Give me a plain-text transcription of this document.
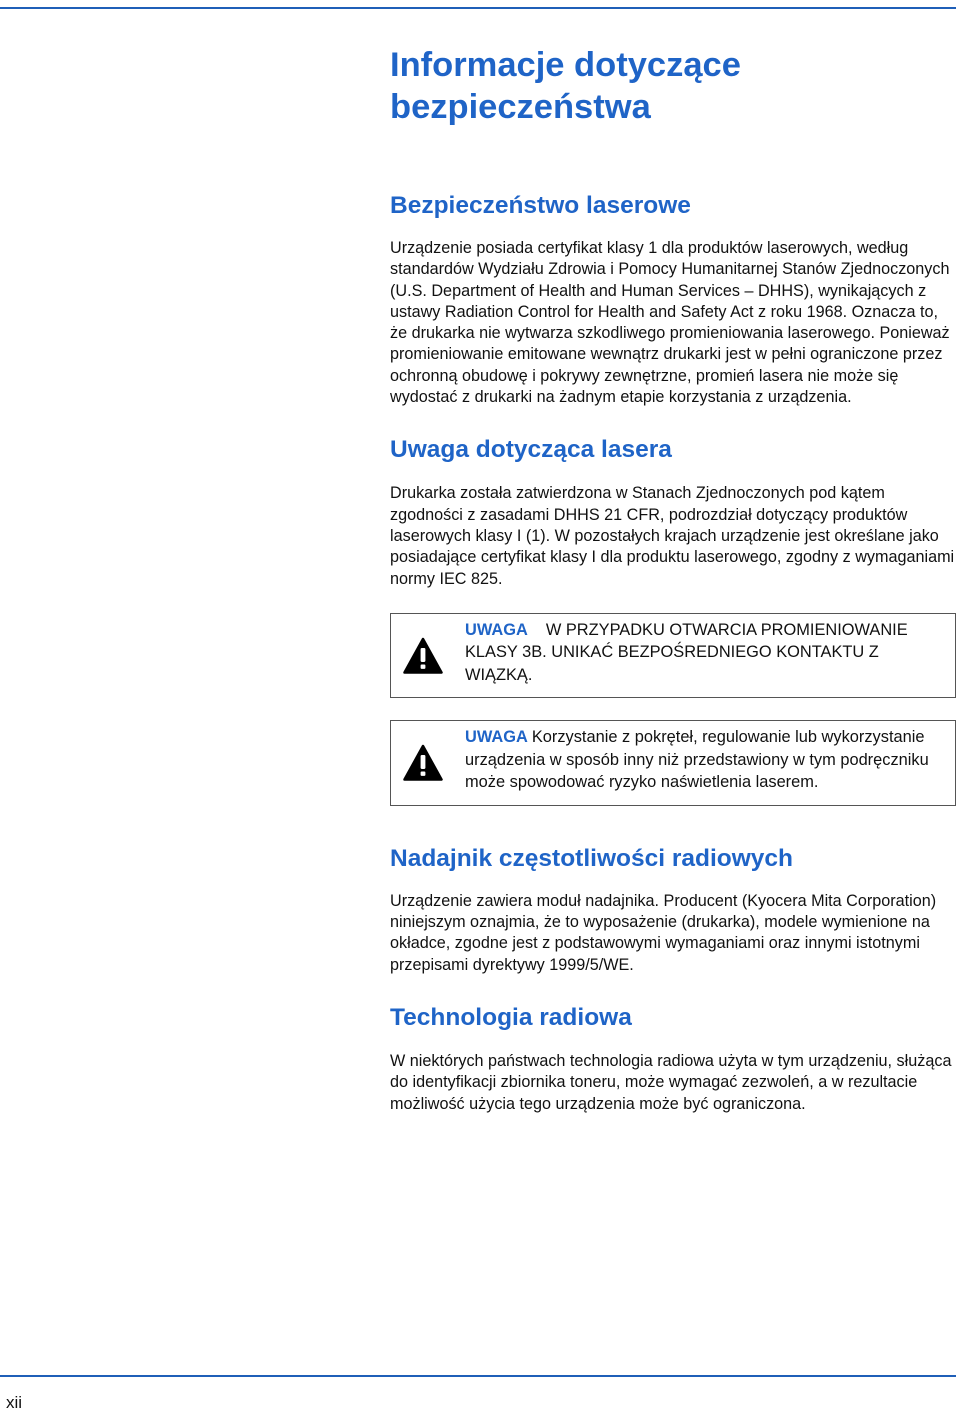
Informacje dotyczące bezpieczeństwa
Bezpieczeństwo laserowe

Urządzenie posiada certyfikat klasy 1 dla produktów laserowych, według standardów Wydziału Zdrowia i Pomocy Humanitarnej Stanów Zjednoczonych (U.S. Department of Health and Human Services – DHHS), wynikających z ustawy Radiation Control for Health and Safety Act z roku 1968. Oznacza to, że drukarka nie wytwarza szkodliwego promieniowania laserowego. Ponieważ promieniowanie emitowane wewnątrz drukarki jest w pełni ograniczone przez ochronną obudowę i pokrywy zewnętrzne, promień lasera nie może się wydostać z drukarki na żadnym etapie korzystania z urządzenia.

Uwaga dotycząca lasera

Drukarka została zatwierdzona w Stanach Zjednoczonych pod kątem zgodności z zasadami DHHS 21 CFR, podrozdział dotyczący produktów laserowych klasy I (1). W pozostałych krajach urządzenie jest określane jako posiadające certyfikat klasy I dla produktu laserowego, zgodny z wymaganiami normy IEC 825.

UWAGA W PRZYPADKU OTWARCIA PROMIENIOWANIE KLASY 3B. UNIKAĆ BEZPOŚREDNIEGO KONTAKTU Z WIĄZKĄ.

UWAGA Korzystanie z pokręteł, regulowanie lub wykorzystanie urządzenia w sposób inny niż przedstawiony w tym podręczniku może spowodować ryzyko naświetlenia laserem.

Nadajnik częstotliwości radiowych

Urządzenie zawiera moduł nadajnika. Producent (Kyocera Mita Corporation) niniejszym oznajmia, że to wyposażenie (drukarka), modele wymienione na okładce, zgodne jest z podstawowymi wymaganiami oraz innymi istotnymi przepisami dyrektywy 1999/5/WE.

Technologia radiowa

W niektórych państwach technologia radiowa użyta w tym urządzeniu, służąca do identyfikacji zbiornika toneru, może wymagać zezwoleń, a w rezultacie możliwość użycia tego urządzenia może być ograniczona.

xii
